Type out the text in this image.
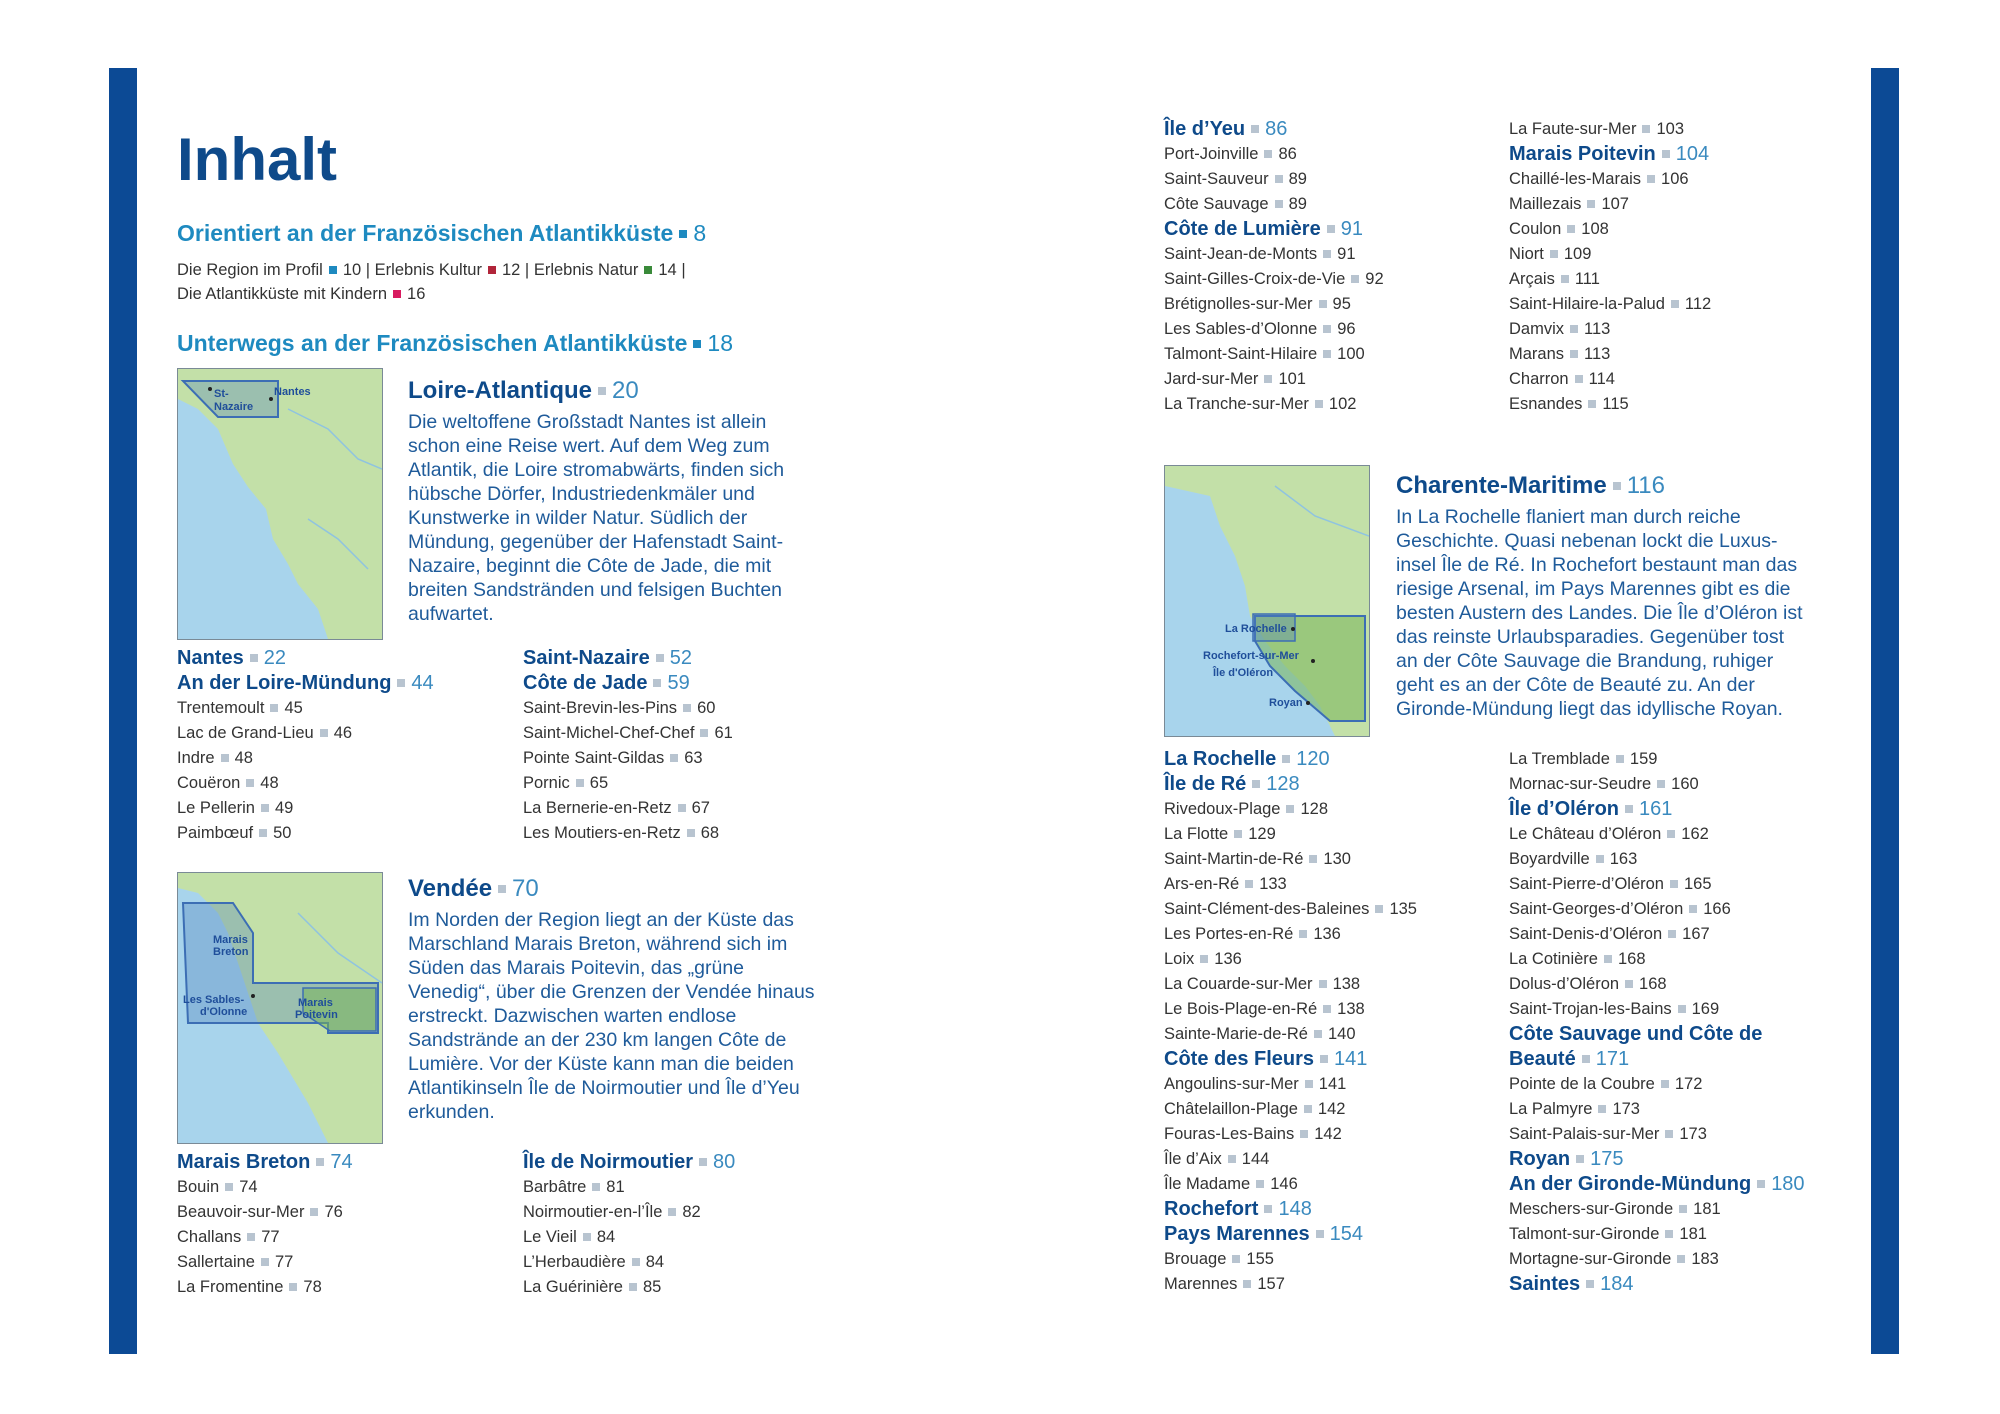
Inhalt
Orientiert an der Französischen Atlantikküste 8
Die Region im Profil 10 | Erlebnis Kultur 12 | Erlebnis Natur 14 |
Die Atlantikküste mit Kindern 16
Unterwegs an der Französischen Atlantikküste 18
St-
Nazaire
Nantes	Loire-Atlantique 20
Die weltoffene Großstadt Nantes ist allein
schon eine Reise wert. Auf dem Weg zum
Atlantik, die Loire stromabwärts, finden sich
hübsche Dörfer, Industriedenkmäler und
Kunstwerke in wilder Natur. Südlich der
Mündung, gegenüber der Hafenstadt Saint-
Nazaire, beginnt die Côte de Jade, die mit
breiten Sandstränden und felsigen Buchten
aufwartet.
Nantes 22
An der Loire-Mündung 44
Trentemoult 45
Lac de Grand-Lieu 46
Indre 48
Couëron 48
Le Pellerin 49
Paimbœuf 50
Saint-Nazaire 52
Côte de Jade 59
Saint-Brevin-les-Pins 60
Saint-Michel-Chef-Chef 61
Pointe Saint-Gildas 63
Pornic 65
La Bernerie-en-Retz 67
Les Moutiers-en-Retz 68
Marais
Breton
Les Sables-
d'Olonne
Marais
Poitevin
Vendée 70
Im Norden der Region liegt an der Küste das
Marschland Marais Breton, während sich im
Süden das Marais Poitevin, das „grüne
Venedig“, über die Grenzen der Vendée hinaus
erstreckt. Dazwischen warten endlose
Sandstrände an der 230 km langen Côte de
Lumière. Vor der Küste kann man die beiden
Atlantikinseln Île de Noirmoutier und Île d’Yeu
erkunden.
Marais Breton 74
Bouin 74
Beauvoir-sur-Mer 76
Challans 77
Sallertaine 77
La Fromentine 78
Île de Noirmoutier 80
Barbâtre 81
Noirmoutier-en-l’Île 82
Le Vieil 84
L’Herbaudière 84
La Guérinière 85
Île d’Yeu 86
Port-Joinville 86
Saint-Sauveur 89
Côte Sauvage 89
Côte de Lumière 91
Saint-Jean-de-Monts 91
Saint-Gilles-Croix-de-Vie 92
Brétignolles-sur-Mer 95
Les Sables-d’Olonne 96
Talmont-Saint-Hilaire 100
Jard-sur-Mer 101
La Tranche-sur-Mer 102
La Faute-sur-Mer 103
Marais Poitevin 104
Chaillé-les-Marais 106
Maillezais 107
Coulon 108
Niort 109
Arçais 111
Saint-Hilaire-la-Palud 112
Damvix 113
Marans 113
Charron 114
Esnandes 115
La Rochelle
Rochefort-sur-Mer
Île d'Oléron
Royan
Charente-Maritime 116
In La Rochelle flaniert man durch reiche
Geschichte. Quasi nebenan lockt die Luxus-
insel Île de Ré. In Rochefort bestaunt man das
riesige Arsenal, im Pays Marennes gibt es die
besten Austern des Landes. Die Île d’Oléron ist
das reinste Urlaubsparadies. Gegenüber tost
an der Côte Sauvage die Brandung, ruhiger
geht es an der Côte de Beauté zu. An der
Gironde-Mündung liegt das idyllische Royan.
La Rochelle 120
Île de Ré 128
Rivedoux-Plage 128
La Flotte 129
Saint-Martin-de-Ré 130
Ars-en-Ré 133
Saint-Clément-des-Baleines 135
Les Portes-en-Ré 136
Loix 136
La Couarde-sur-Mer 138
Le Bois-Plage-en-Ré 138
Sainte-Marie-de-Ré 140
Côte des Fleurs 141
Angoulins-sur-Mer 141
Châtelaillon-Plage 142
Fouras-Les-Bains 142
Île d’Aix 144
Île Madame 146
Rochefort 148
Pays Marennes 154
Brouage 155
Marennes 157
La Tremblade 159
Mornac-sur-Seudre 160
Île d’Oléron 161
Le Château d’Oléron 162
Boyardville 163
Saint-Pierre-d’Oléron 165
Saint-Georges-d’Oléron 166
Saint-Denis-d’Oléron 167
La Cotinière 168
Dolus-d’Oléron 168
Saint-Trojan-les-Bains 169
Côte Sauvage und Côte de
Beauté 171
Pointe de la Coubre 172
La Palmyre 173
Saint-Palais-sur-Mer 173
Royan 175
An der Gironde-Mündung 180
Meschers-sur-Gironde 181
Talmont-sur-Gironde 181
Mortagne-sur-Gironde 183
Saintes 184
